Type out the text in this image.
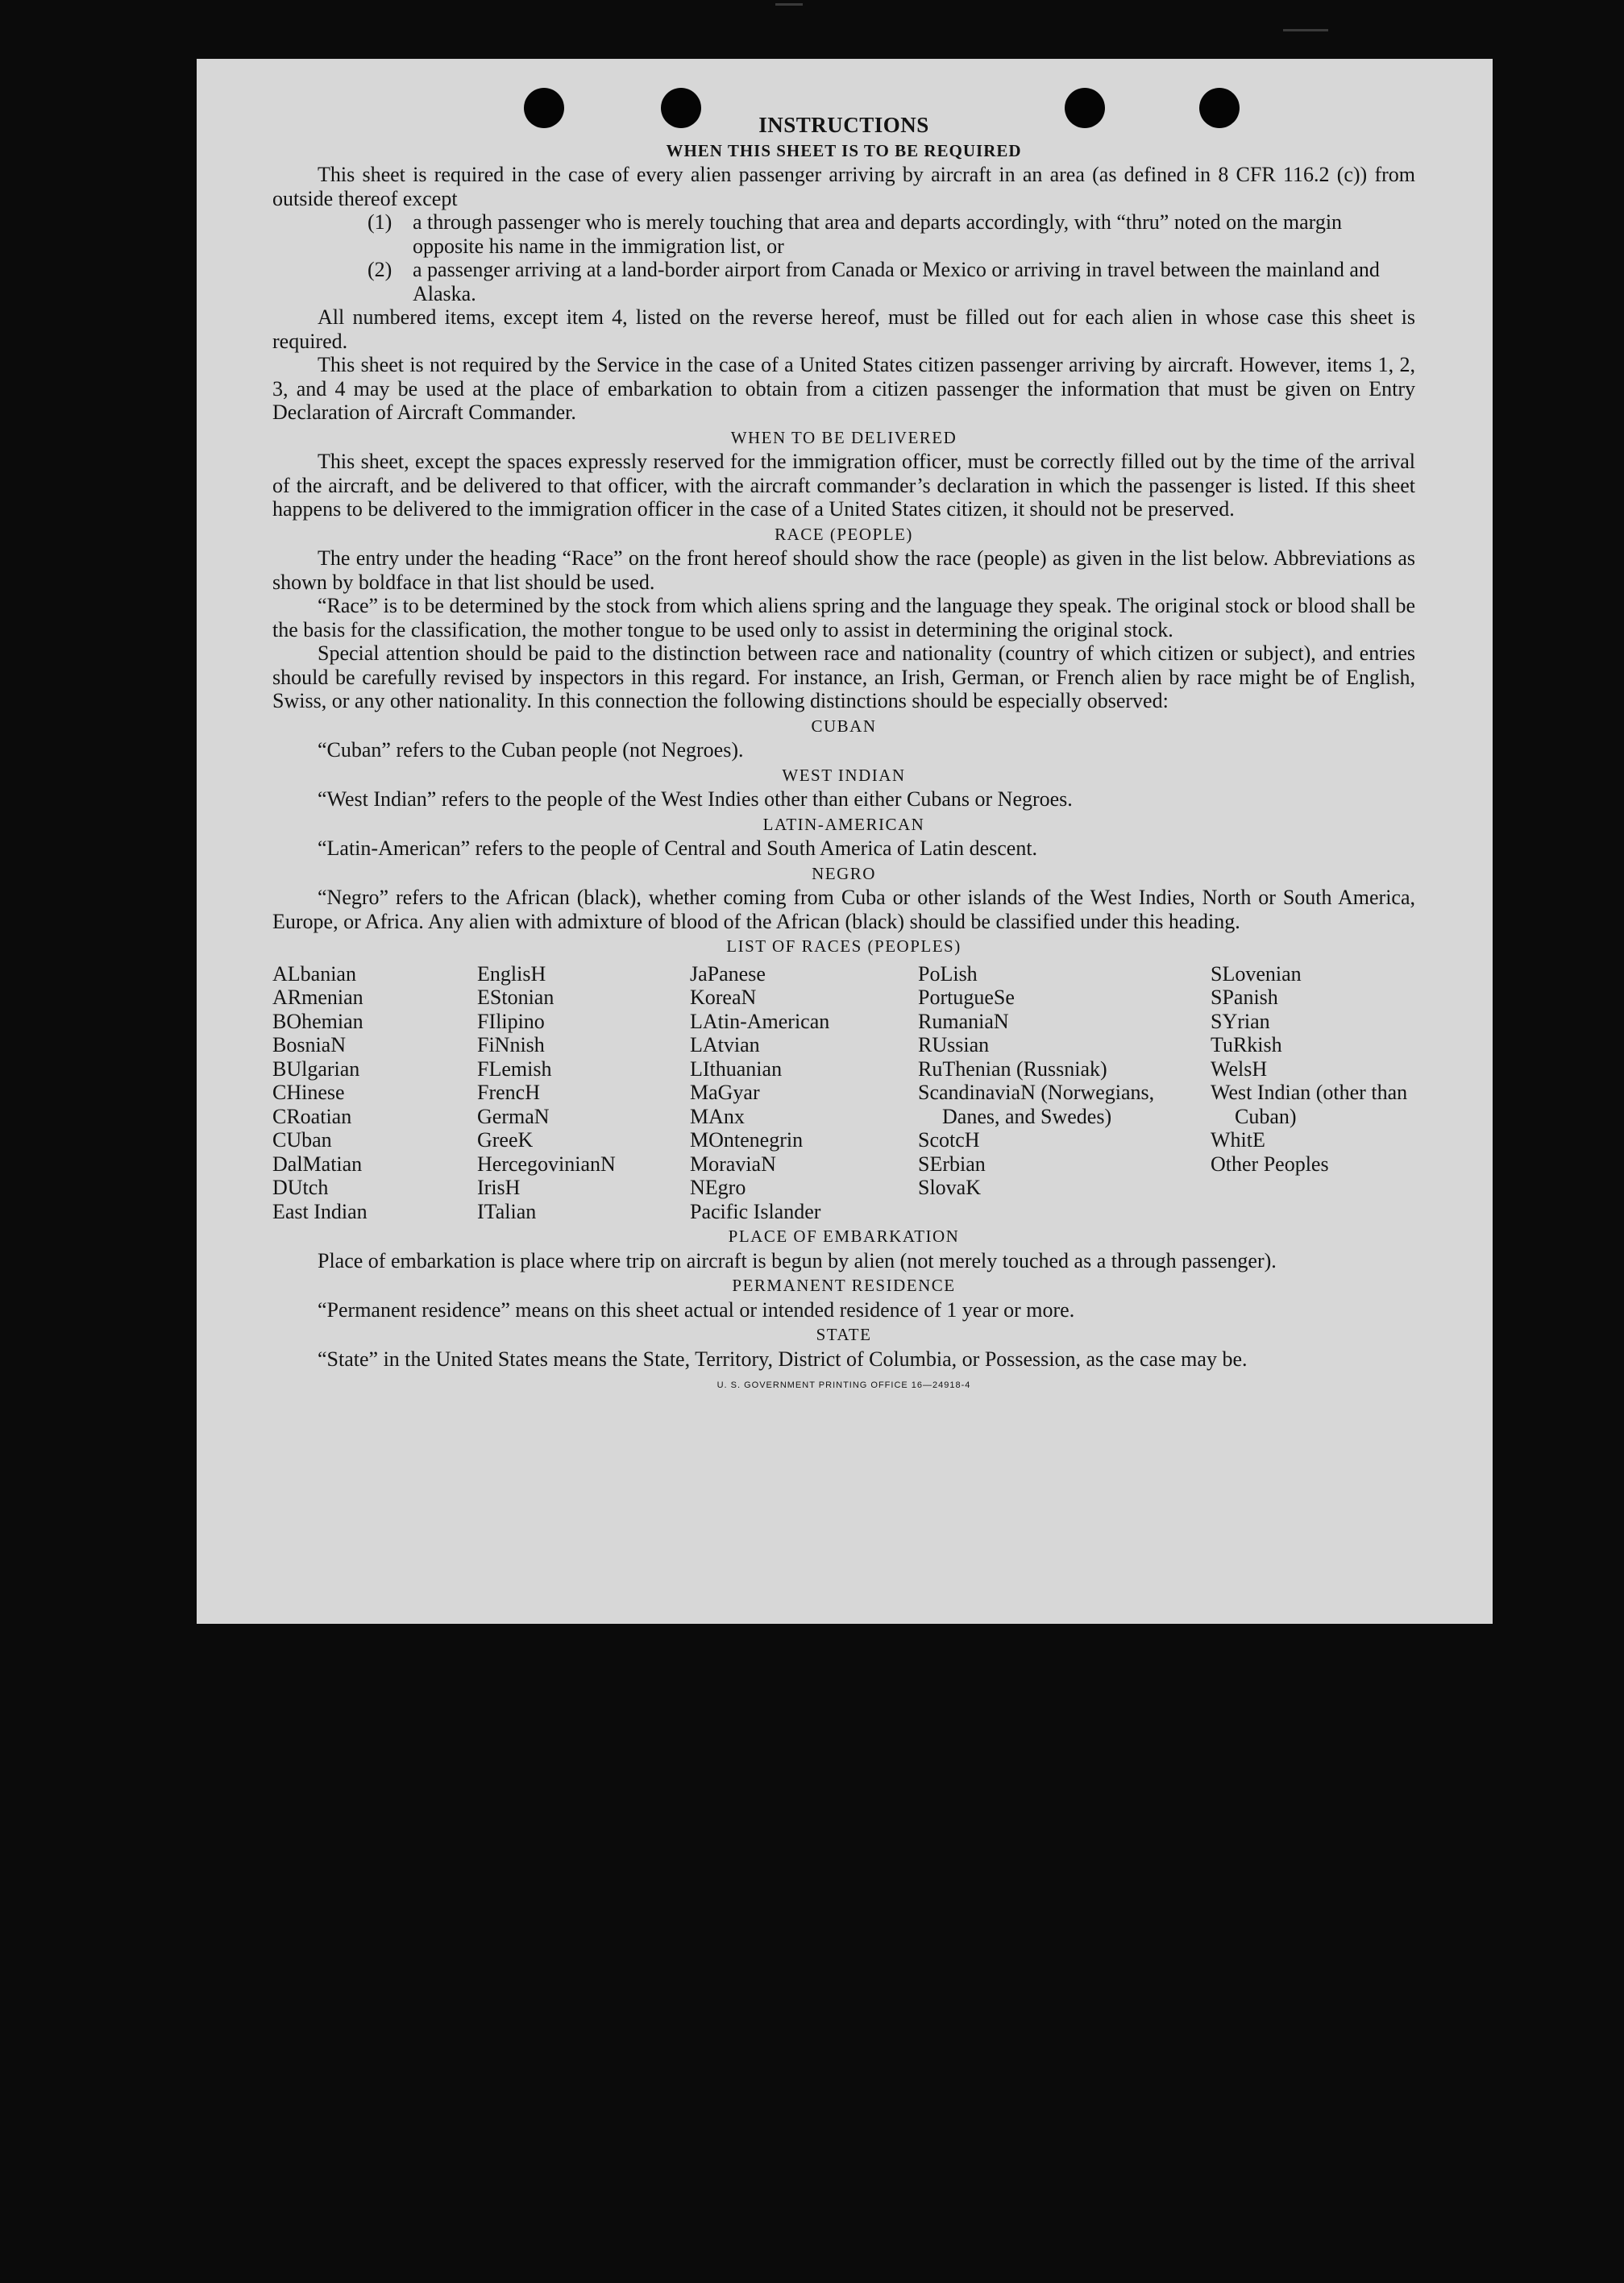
INSTRUCTIONS
WHEN THIS SHEET IS TO BE REQUIRED

This sheet is required in the case of every alien passenger arriving by aircraft in an area (as defined in 8 CFR 116.2 (c)) from outside thereof except

(1) a through passenger who is merely touching that area and departs accordingly, with “thru” noted on the margin opposite his name in the immigration list, or
(2) a passenger arriving at a land-border airport from Canada or Mexico or arriving in travel between the mainland and Alaska.

All numbered items, except item 4, listed on the reverse hereof, must be filled out for each alien in whose case this sheet is required.

This sheet is not required by the Service in the case of a United States citizen passenger arriving by aircraft. However, items 1, 2, 3, and 4 may be used at the place of embarkation to obtain from a citizen passenger the information that must be given on Entry Declaration of Aircraft Commander.

WHEN TO BE DELIVERED

This sheet, except the spaces expressly reserved for the immigration officer, must be correctly filled out by the time of the arrival of the aircraft, and be delivered to that officer, with the aircraft commander’s declaration in which the passenger is listed. If this sheet happens to be delivered to the immigration officer in the case of a United States citizen, it should not be preserved.

RACE (PEOPLE)

The entry under the heading “Race” on the front hereof should show the race (people) as given in the list below. Abbreviations as shown by boldface in that list should be used.

“Race” is to be determined by the stock from which aliens spring and the language they speak. The original stock or blood shall be the basis for the classification, the mother tongue to be used only to assist in determining the original stock.

Special attention should be paid to the distinction between race and nationality (country of which citizen or subject), and entries should be carefully revised by inspectors in this regard. For instance, an Irish, German, or French alien by race might be of English, Swiss, or any other nationality. In this connection the following distinctions should be especially observed:

CUBAN

“Cuban” refers to the Cuban people (not Negroes).

WEST INDIAN

“West Indian” refers to the people of the West Indies other than either Cubans or Negroes.

LATIN-AMERICAN

“Latin-American” refers to the people of Central and South America of Latin descent.

NEGRO

“Negro” refers to the African (black), whether coming from Cuba or other islands of the West Indies, North or South America, Europe, or Africa. Any alien with admixture of blood of the African (black) should be classified under this heading.

LIST OF RACES (PEOPLES)
ALbanian
ARmenian
BOhemian
BosniaN
BUlgarian
CHinese
CRoatian
CUban
DalMatian
DUtch
East Indian
EnglisH
EStonian
FIlipino
FiNnish
FLemish
FrencH
GermaN
GreeK
HercegovinianN
IrisH
ITalian
JaPanese
KoreaN
LAtin-American
LAtvian
LIthuanian
MaGyar
MAnx
MOntenegrin
MoraviaN
NEgro
Pacific Islander
PoLish
PortugueSe
RumaniaN
RUssian
RuThenian (Russniak)
ScandinaviaN (Norwegians, Danes, and Swedes)
ScotcH
SErbian
SlovaK
SLovenian
SPanish
SYrian
TuRkish
WelsH
West Indian (other than Cuban)
WhitE
Other Peoples
PLACE OF EMBARKATION

Place of embarkation is place where trip on aircraft is begun by alien (not merely touched as a through passenger).

PERMANENT RESIDENCE

“Permanent residence” means on this sheet actual or intended residence of 1 year or more.

STATE

“State” in the United States means the State, Territory, District of Columbia, or Possession, as the case may be.

U. S. GOVERNMENT PRINTING OFFICE 16—24918-4
